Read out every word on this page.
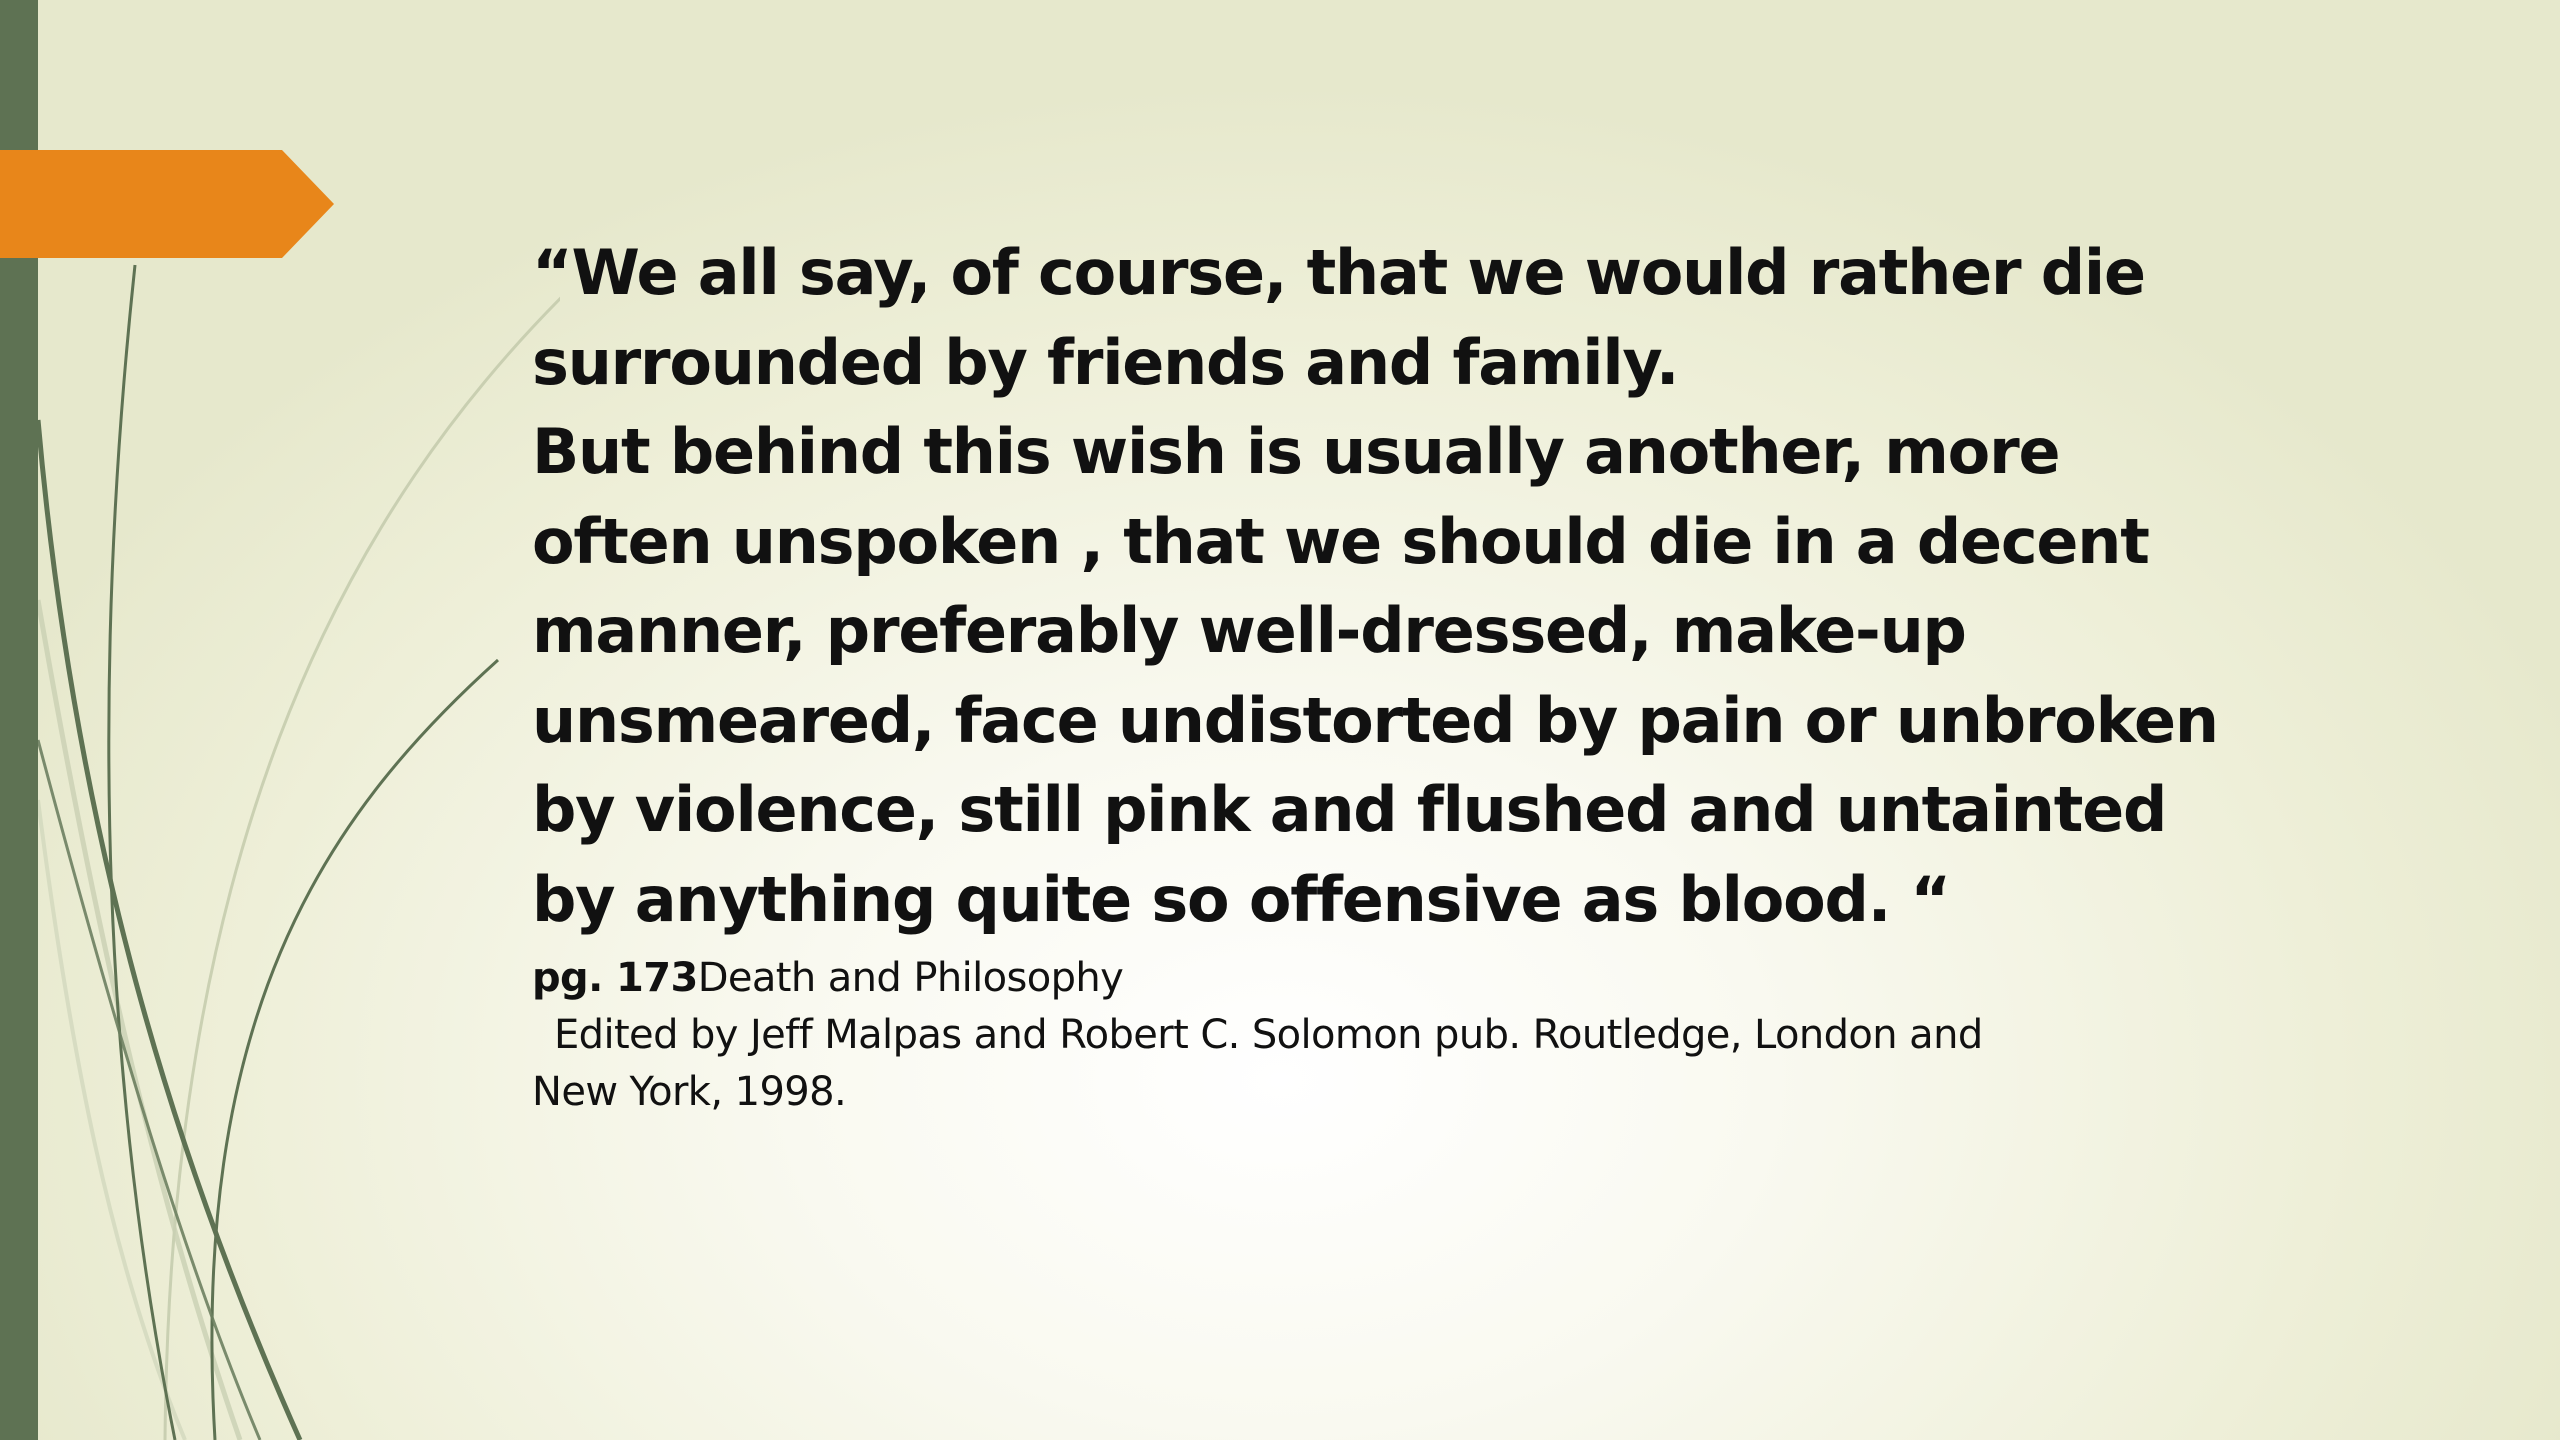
“We all say, of course, that we would rather die
surrounded by friends and family.
But behind this wish is usually another, more
often unspoken , that we should die in a decent
manner, preferably well-dressed, make-up
unsmeared, face undistorted by pain or unbroken
by violence, still pink and flushed and untainted
by anything quite so offensive as blood. “

pg. 173Death and Philosophy
Edited by Jeff Malpas and Robert C. Solomon pub. Routledge, London and
New York, 1998.
